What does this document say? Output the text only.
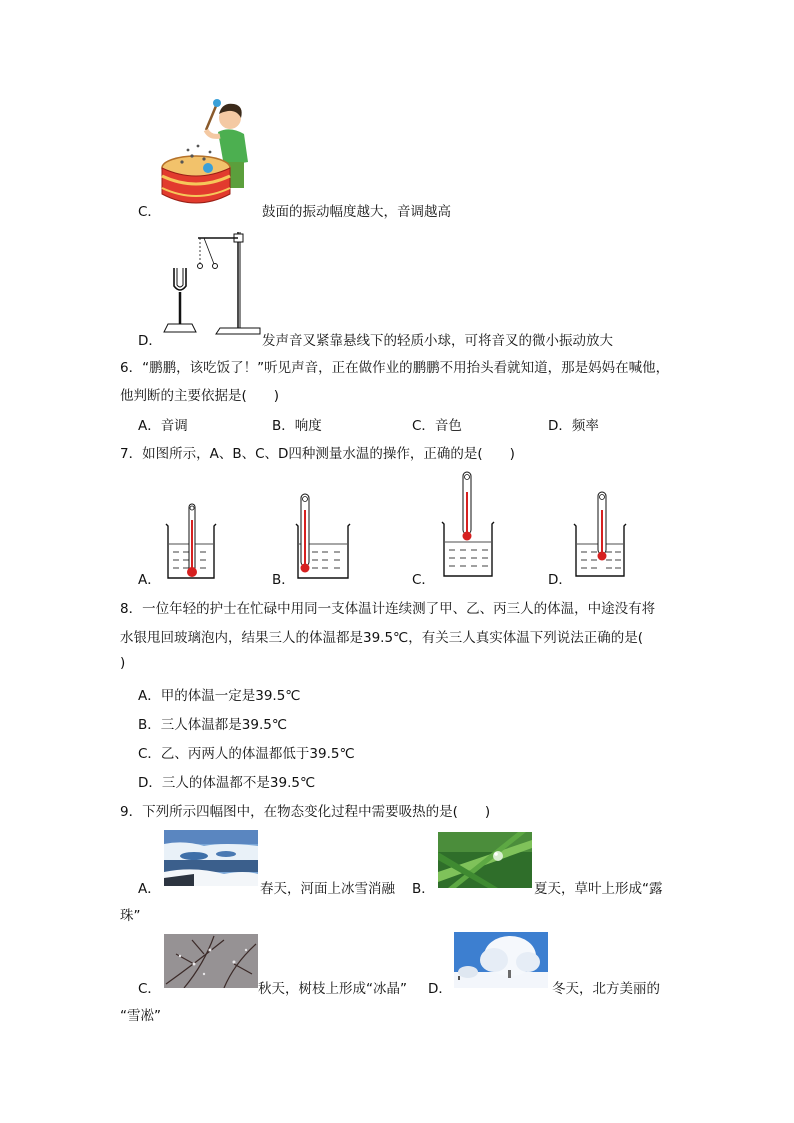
C．	鼓面的振动幅度越大，音调越高
D．	发声音叉紧靠悬线下的轻质小球，可将音叉的微小振动放大
6．“鹏鹏，该吃饭了！”听见声音，正在做作业的鹏鹏不用抬头看就知道，那是妈妈在喊他，
他判断的主要依据是(　　)
A．音调	B．响度	C．音色	D．频率
7．如图所示，A、B、C、D四种测量水温的操作，正确的是(　　)
A．	B．	C．	D．
8．一位年轻的护士在忙碌中用同一支体温计连续测了甲、乙、丙三人的体温，中途没有将
水银甩回玻璃泡内，结果三人的体温都是39.5℃，有关三人真实体温下列说法正确的是(
)
A．甲的体温一定是39.5℃
B．三人体温都是39.5℃
C．乙、丙两人的体温都低于39.5℃
D．三人的体温都不是39.5℃
9．下列所示四幅图中，在物态变化过程中需要吸热的是(　　)
A．	春天，河面上冰雪消融 B．	夏天，草叶上形成“露
珠”
C．	秋天，树枝上形成“冰晶” D．	冬天，北方美丽的
“雪凇”
